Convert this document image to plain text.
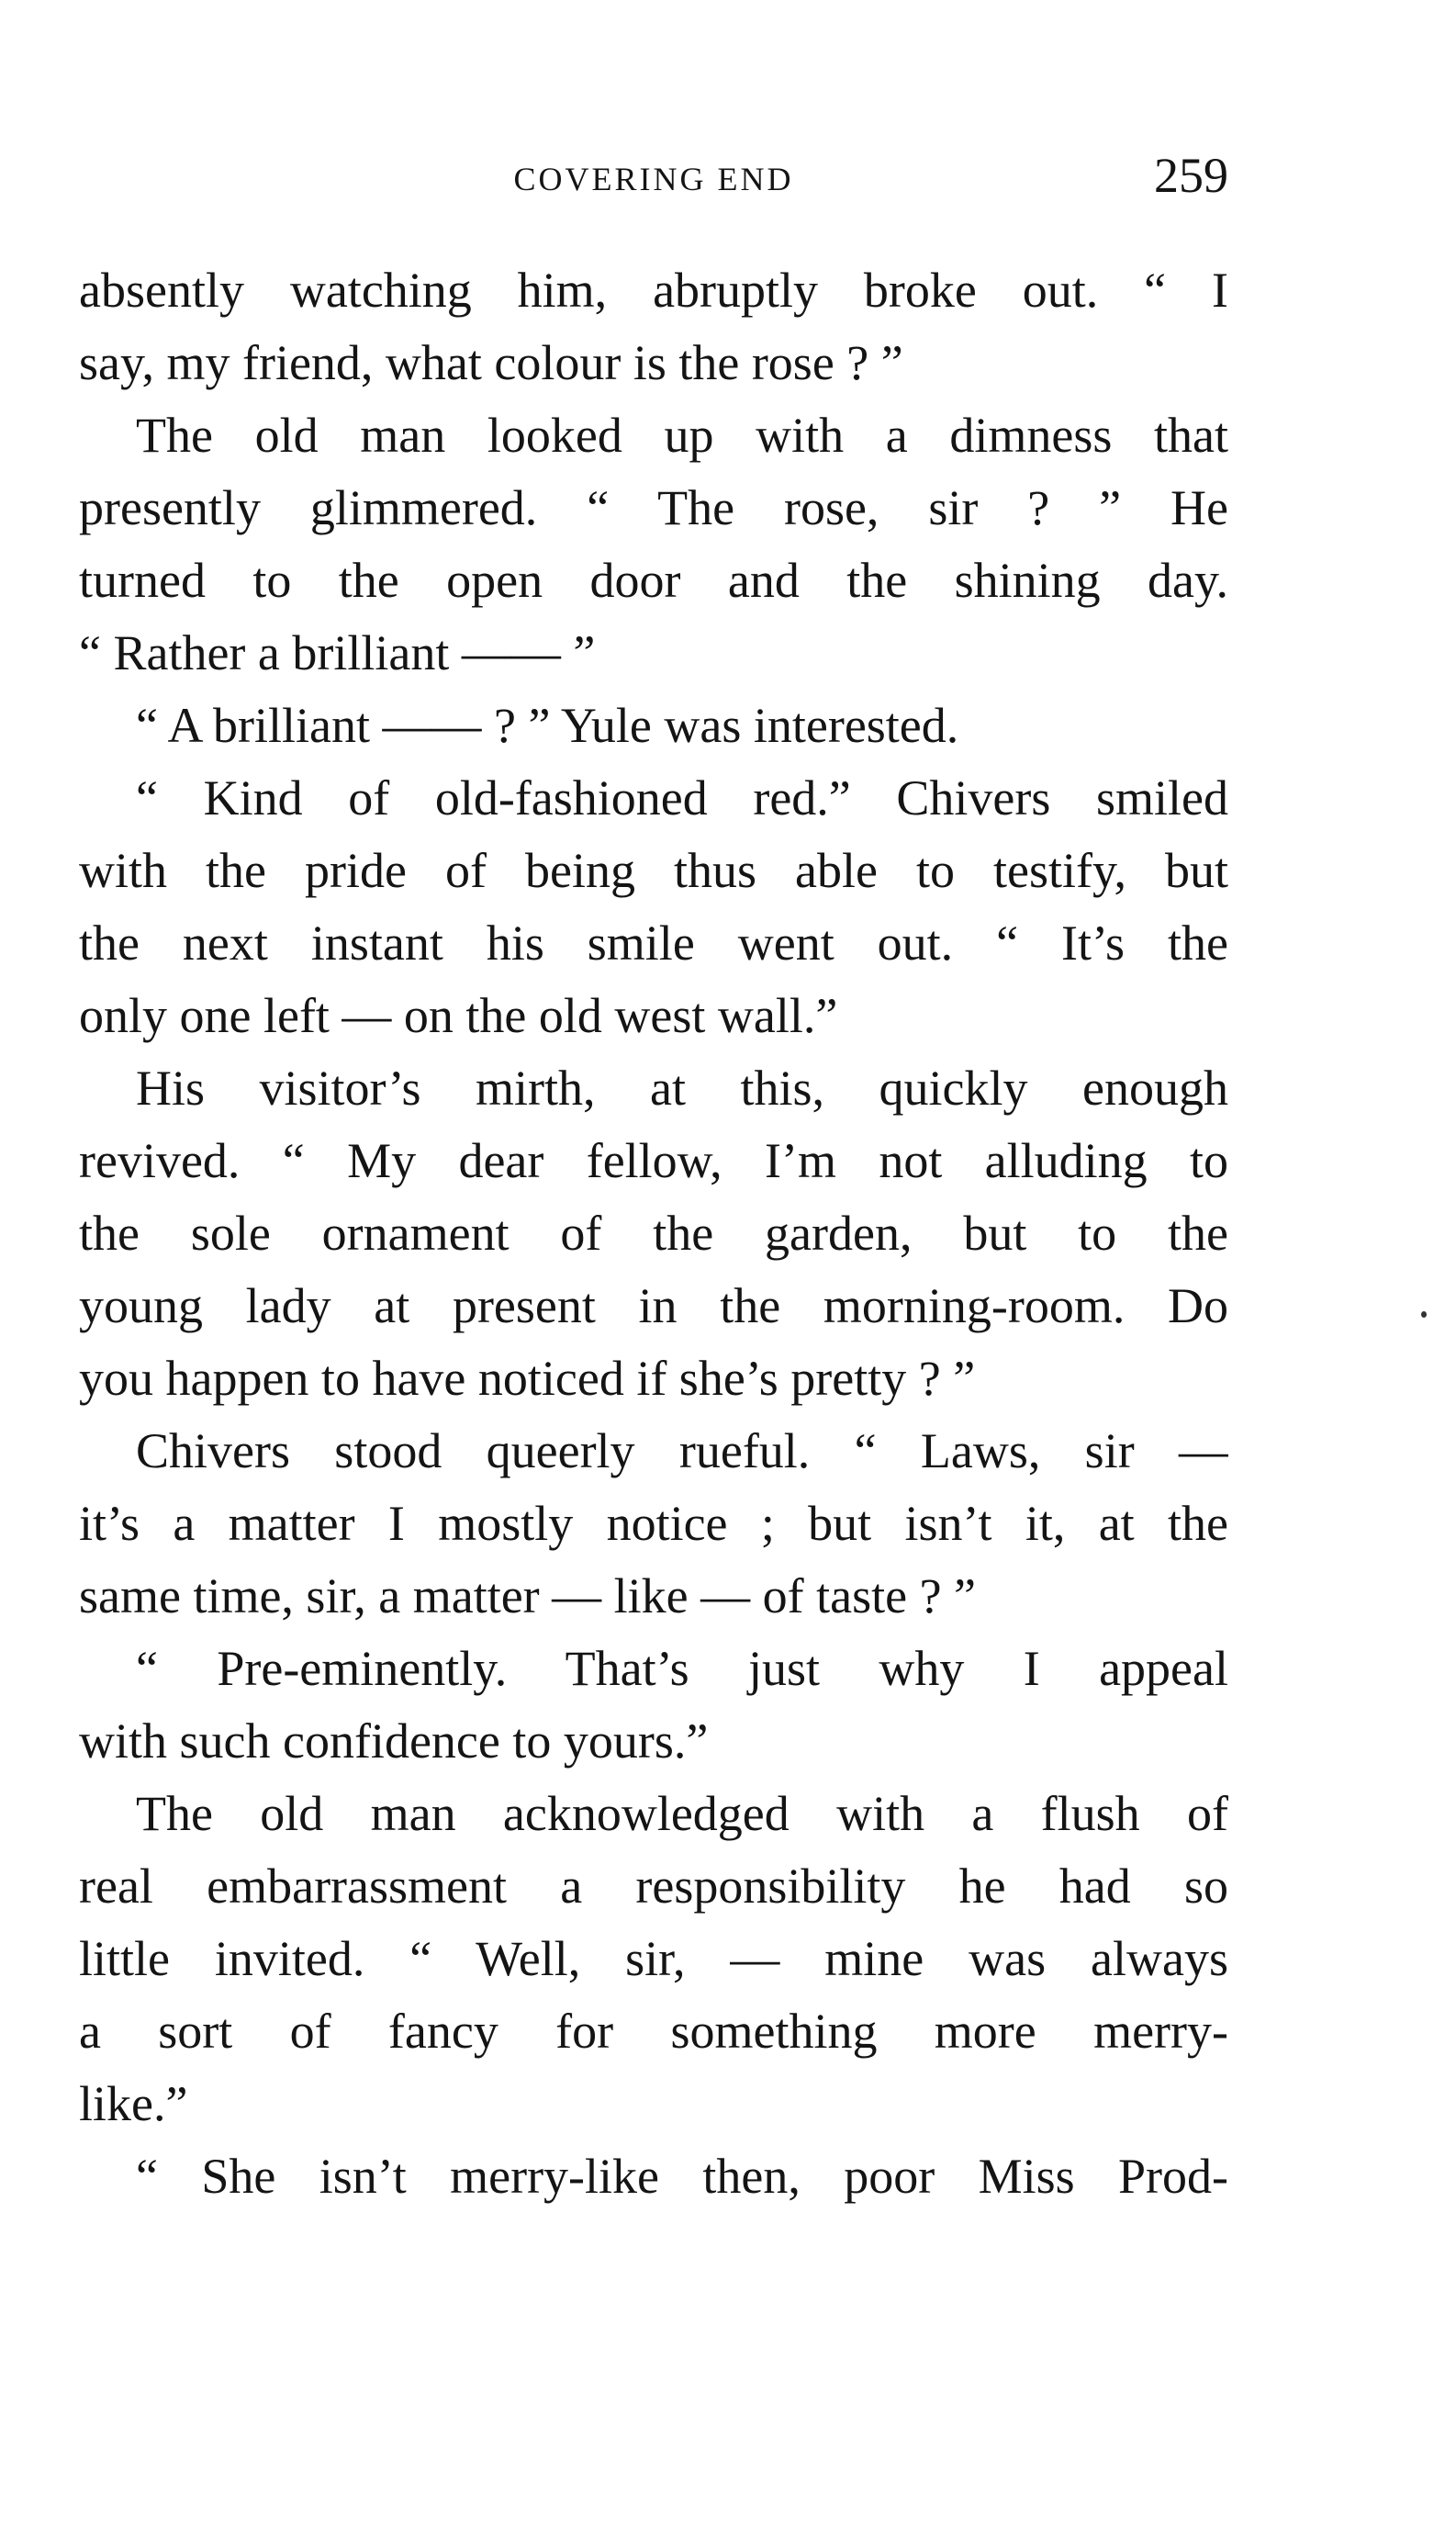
COVERING END	259
absently watching him, abruptly broke out. “ I
say, my friend, what colour is the rose ? ”
The old man looked up with a dimness that
presently glimmered. “ The rose, sir ? ” He
turned to the open door and the shining day.
“ Rather a brilliant —— ”
“ A brilliant —— ? ” Yule was interested.
“ Kind of old-fashioned red.” Chivers smiled
with the pride of being thus able to testify, but
the next instant his smile went out. “ It’s the
only one left — on the old west wall.”
His visitor’s mirth, at this, quickly enough
revived. “ My dear fellow, I’m not alluding to
the sole ornament of the garden, but to the
young lady at present in the morning-room. Do
you happen to have noticed if she’s pretty ? ”
Chivers stood queerly rueful. “ Laws, sir —
it’s a matter I mostly notice ; but isn’t it, at the
same time, sir, a matter — like — of taste ? ”
“ Pre-eminently. That’s just why I appeal
with such confidence to yours.”
The old man acknowledged with a flush of
real embarrassment a responsibility he had so
little invited. “ Well, sir, — mine was always
a sort of fancy for something more merry-
like.”
“ She isn’t merry-like then, poor Miss Prod-
